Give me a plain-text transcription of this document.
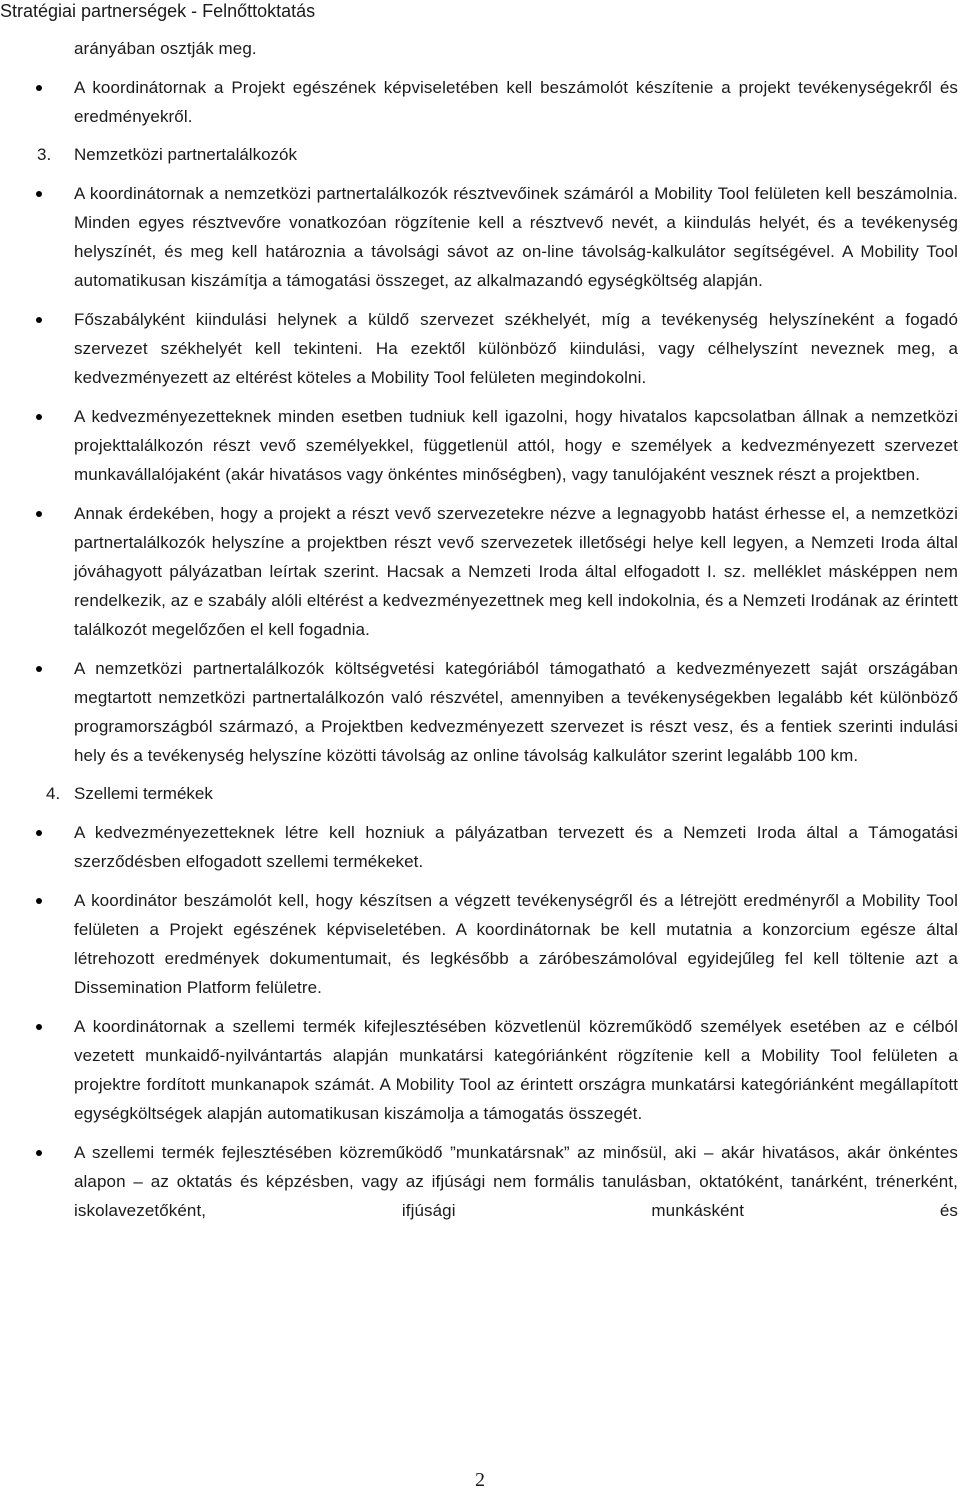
Stratégiai partnerségek - Felnőttoktatás
arányában osztják meg.
A koordinátornak a Projekt egészének képviseletében kell beszámolót készítenie a projekt tevékenységekről és eredményekről.
3. Nemzetközi partnertalálkozók
A koordinátornak a nemzetközi partnertalálkozók résztvevőinek számáról a Mobility Tool felületen kell beszámolnia. Minden egyes résztvevőre vonatkozóan rögzítenie kell a résztvevő nevét, a kiindulás helyét, és a tevékenység helyszínét, és meg kell határoznia a távolsági sávot az on-line távolság-kalkulátor segítségével. A Mobility Tool automatikusan kiszámítja a támogatási összeget, az alkalmazandó egységköltség alapján.
Főszabályként kiindulási helynek a küldő szervezet székhelyét, míg a tevékenység helyszíneként a fogadó szervezet székhelyét kell tekinteni. Ha ezektől különböző kiindulási, vagy célhelyszínt neveznek meg, a kedvezményezett az eltérést köteles a Mobility Tool felületen megindokolni.
A kedvezményezetteknek minden esetben tudniuk kell igazolni, hogy hivatalos kapcsolatban állnak a nemzetközi projekttalálkozón részt vevő személyekkel, függetlenül attól, hogy e személyek a kedvezményezett szervezet munkavállalójaként (akár hivatásos vagy önkéntes minőségben), vagy tanulójaként vesznek részt a projektben.
Annak érdekében, hogy a projekt a részt vevő szervezetekre nézve a legnagyobb hatást érhesse el, a nemzetközi partnertalálkozók helyszíne a projektben részt vevő szervezetek illetőségi helye kell legyen, a Nemzeti Iroda által jóváhagyott pályázatban leírtak szerint. Hacsak a Nemzeti Iroda által elfogadott I. sz. melléklet másképpen nem rendelkezik, az e szabály alóli eltérést a kedvezményezettnek meg kell indokolnia, és a Nemzeti Irodának az érintett találkozót megelőzően el kell fogadnia.
A nemzetközi partnertalálkozók költségvetési kategóriából támogatható a kedvezményezett saját országában megtartott nemzetközi partnertalálkozón való részvétel, amennyiben a tevékenységekben legalább két különböző programországból származó, a Projektben kedvezményezett szervezet is részt vesz, és a fentiek szerinti indulási hely és a tevékenység helyszíne közötti távolság az online távolság kalkulátor szerint legalább 100 km.
4. Szellemi termékek
A kedvezményezetteknek létre kell hozniuk a pályázatban tervezett és a Nemzeti Iroda által a Támogatási szerződésben elfogadott szellemi termékeket.
A koordinátor beszámolót kell, hogy készítsen a végzett tevékenységről és a létrejött eredményről a Mobility Tool felületen a Projekt egészének képviseletében. A koordinátornak be kell mutatnia a konzorcium egésze által létrehozott eredmények dokumentumait, és legkésőbb a záróbeszámolóval egyidejűleg fel kell töltenie azt a Dissemination Platform felületre.
A koordinátornak a szellemi termék kifejlesztésében közvetlenül közreműködő személyek esetében az e célból vezetett munkaidő-nyilvántartás alapján munkatársi kategóriánként rögzítenie kell a Mobility Tool felületen a projektre fordított munkanapok számát. A Mobility Tool az érintett országra munkatársi kategóriánként megállapított egységköltségek alapján automatikusan kiszámolja a támogatás összegét.
A szellemi termék fejlesztésében közreműködő ”munkatársnak” az minősül, aki – akár hivatásos, akár önkéntes alapon – az oktatás és képzésben, vagy az ifjúsági nem formális tanulásban, oktatóként, tanárként, trénerként, iskolavezetőként, ifjúsági munkásként és
2
